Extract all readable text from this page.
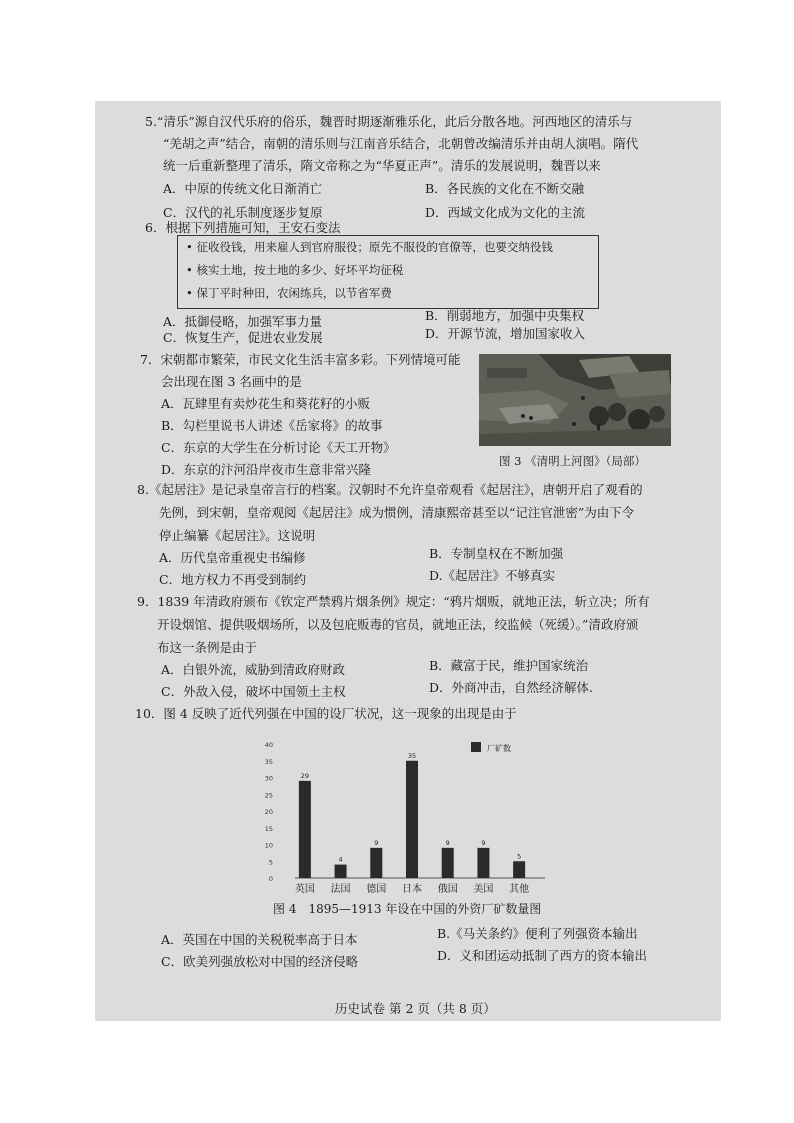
5.“清乐”源自汉代乐府的俗乐，魏晋时期逐渐雅乐化，此后分散各地。河西地区的清乐与
“羌胡之声”结合，南朝的清乐则与江南音乐结合，北朝曾改编清乐并由胡人演唱。隋代
统一后重新整理了清乐，隋文帝称之为“华夏正声”。清乐的发展说明，魏晋以来
A．中原的传统文化日渐消亡	B．各民族的文化在不断交融
C．汉代的礼乐制度逐步复原	D．西域文化成为文化的主流
6．根据下列措施可知，王安石变法
• 征收役钱，用来雇人到官府服役；原先不服役的官僚等，也要交纳役钱
• 核实土地，按土地的多少、好坏平均征税
• 保丁平时种田，农闲练兵，以节省军费
A．抵御侵略，加强军事力量	B．削弱地方，加强中央集权
C．恢复生产，促进农业发展	D．开源节流，增加国家收入
7．宋朝都市繁荣，市民文化生活丰富多彩。下列情境可能
会出现在图 3 名画中的是
A．瓦肆里有卖炒花生和葵花籽的小贩
B．勾栏里说书人讲述《岳家将》的故事
C．东京的大学生在分析讨论《天工开物》
D．东京的汴河沿岸夜市生意非常兴隆
图 3 《清明上河图》（局部）
8.《起居注》是记录皇帝言行的档案。汉朝时不允许皇帝观看《起居注》，唐朝开启了观看的
先例，到宋朝，皇帝观阅《起居注》成为惯例，清康熙帝甚至以“记注官泄密”为由下令
停止编纂《起居注》。这说明
A．历代皇帝重视史书编修	B．专制皇权在不断加强
C．地方权力不再受到制约	D.《起居注》不够真实
9．1839 年清政府颁布《钦定严禁鸦片烟条例》规定：“鸦片烟贩，就地正法，斩立决；所有
开设烟馆、提供吸烟场所，以及包庇贩毒的官员，就地正法，绞监候（死缓）。”清政府颁
布这一条例是由于
A．白银外流，威胁到清政府财政	B．藏富于民，维护国家统治
C．外敌入侵，破坏中国领土主权	D．外商冲击，自然经济解体.
10．图 4 反映了近代列强在中国的设厂状况，这一现象的出现是由于
0
5
10
15
20
25
30
35
40
29
英国
4
法国
9
德国
35
日本
9
俄国
9
美国
5
其他
厂矿数
图 4　1895—1913 年设在中国的外资厂矿数量图
A．英国在中国的关税税率高于日本	B.《马关条约》便利了列强资本输出
C．欧美列强放松对中国的经济侵略	D．义和团运动抵制了西方的资本输出
历史试卷 第 2 页（共 8 页）
